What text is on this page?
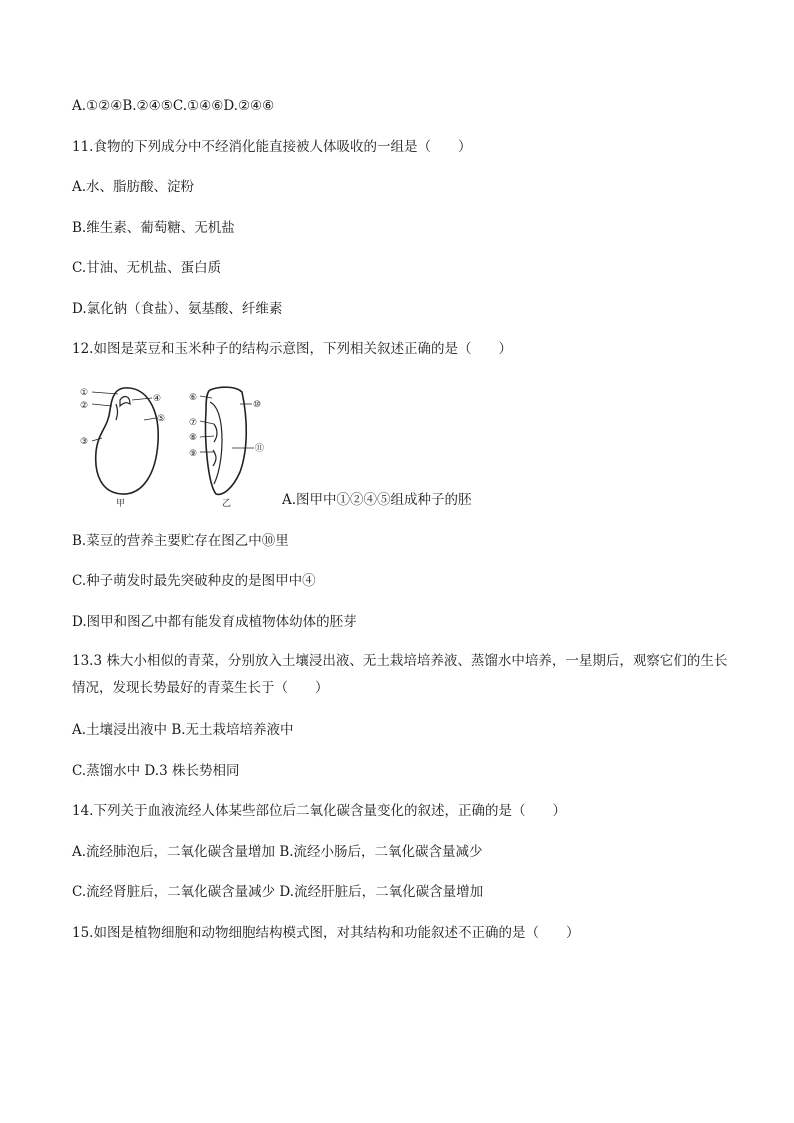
A.①②④B.②④⑤C.①④⑥D.②④⑥
11.食物的下列成分中不经消化能直接被人体吸收的一组是（　　）
A.水、脂肪酸、淀粉
B.维生素、葡萄糖、无机盐
C.甘油、无机盐、蛋白质
D.氯化钠（食盐）、氨基酸、纤维素
12.如图是菜豆和玉米种子的结构示意图，下列相关叙述正确的是（　　）
①
②
③
④
⑤
甲
⑥
⑦
⑧
⑨
⑩
⑪
乙	A.图甲中①②④⑤组成种子的胚
B.菜豆的营养主要贮存在图乙中⑩里
C.种子萌发时最先突破种皮的是图甲中④
D.图甲和图乙中都有能发育成植物体幼体的胚芽
13.3 株大小相似的青菜，分别放入土壤浸出液、无土栽培培养液、蒸馏水中培养，一星期后，观察它们的生长情况，发现长势最好的青菜生长于（　　）
A.土壤浸出液中 B.无土栽培培养液中
C.蒸馏水中 D.3 株长势相同
14.下列关于血液流经人体某些部位后二氧化碳含量变化的叙述，正确的是（　　）
A.流经肺泡后，二氧化碳含量增加 B.流经小肠后，二氧化碳含量减少
C.流经肾脏后，二氧化碳含量减少 D.流经肝脏后，二氧化碳含量增加
15.如图是植物细胞和动物细胞结构模式图，对其结构和功能叙述不正确的是（　　）
